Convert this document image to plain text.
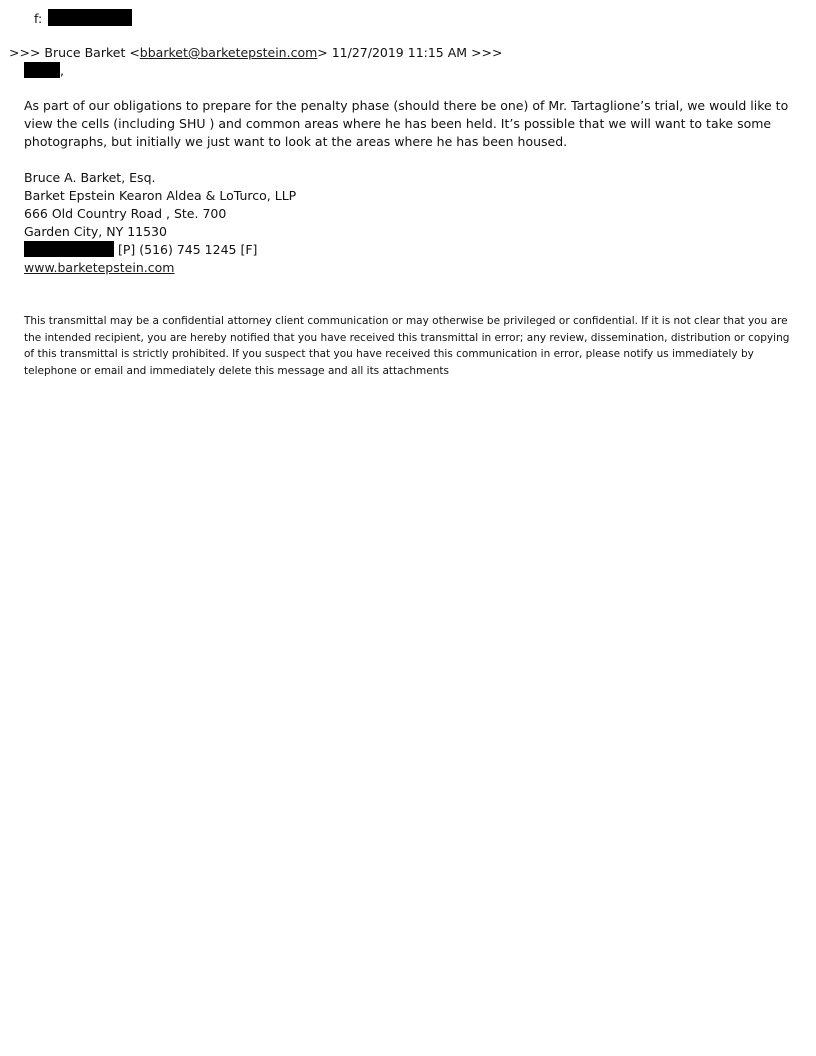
f:
>>> Bruce Barket <bbarket@barketepstein.com> 11/27/2019 11:15 AM >>>
,

As part of our obligations to prepare for the penalty phase (should there be one) of Mr. Tartaglione’s trial, we would like to view the cells (including SHU ) and common areas where he has been held. It’s possible that we will want to take some photographs, but initially we just want to look at the areas where he has been housed.

Bruce A. Barket, Esq.
Barket Epstein Kearon Aldea & LoTurco, LLP
666 Old Country Road , Ste. 700
Garden City, NY 11530
[P] (516) 745 1245 [F]
www.barketepstein.com

This transmittal may be a confidential attorney client communication or may otherwise be privileged or confidential. If it is not clear that you are the intended recipient, you are hereby notified that you have received this transmittal in error; any review, dissemination, distribution or copying of this transmittal is strictly prohibited. If you suspect that you have received this communication in error, please notify us immediately by telephone or email and immediately delete this message and all its attachments
